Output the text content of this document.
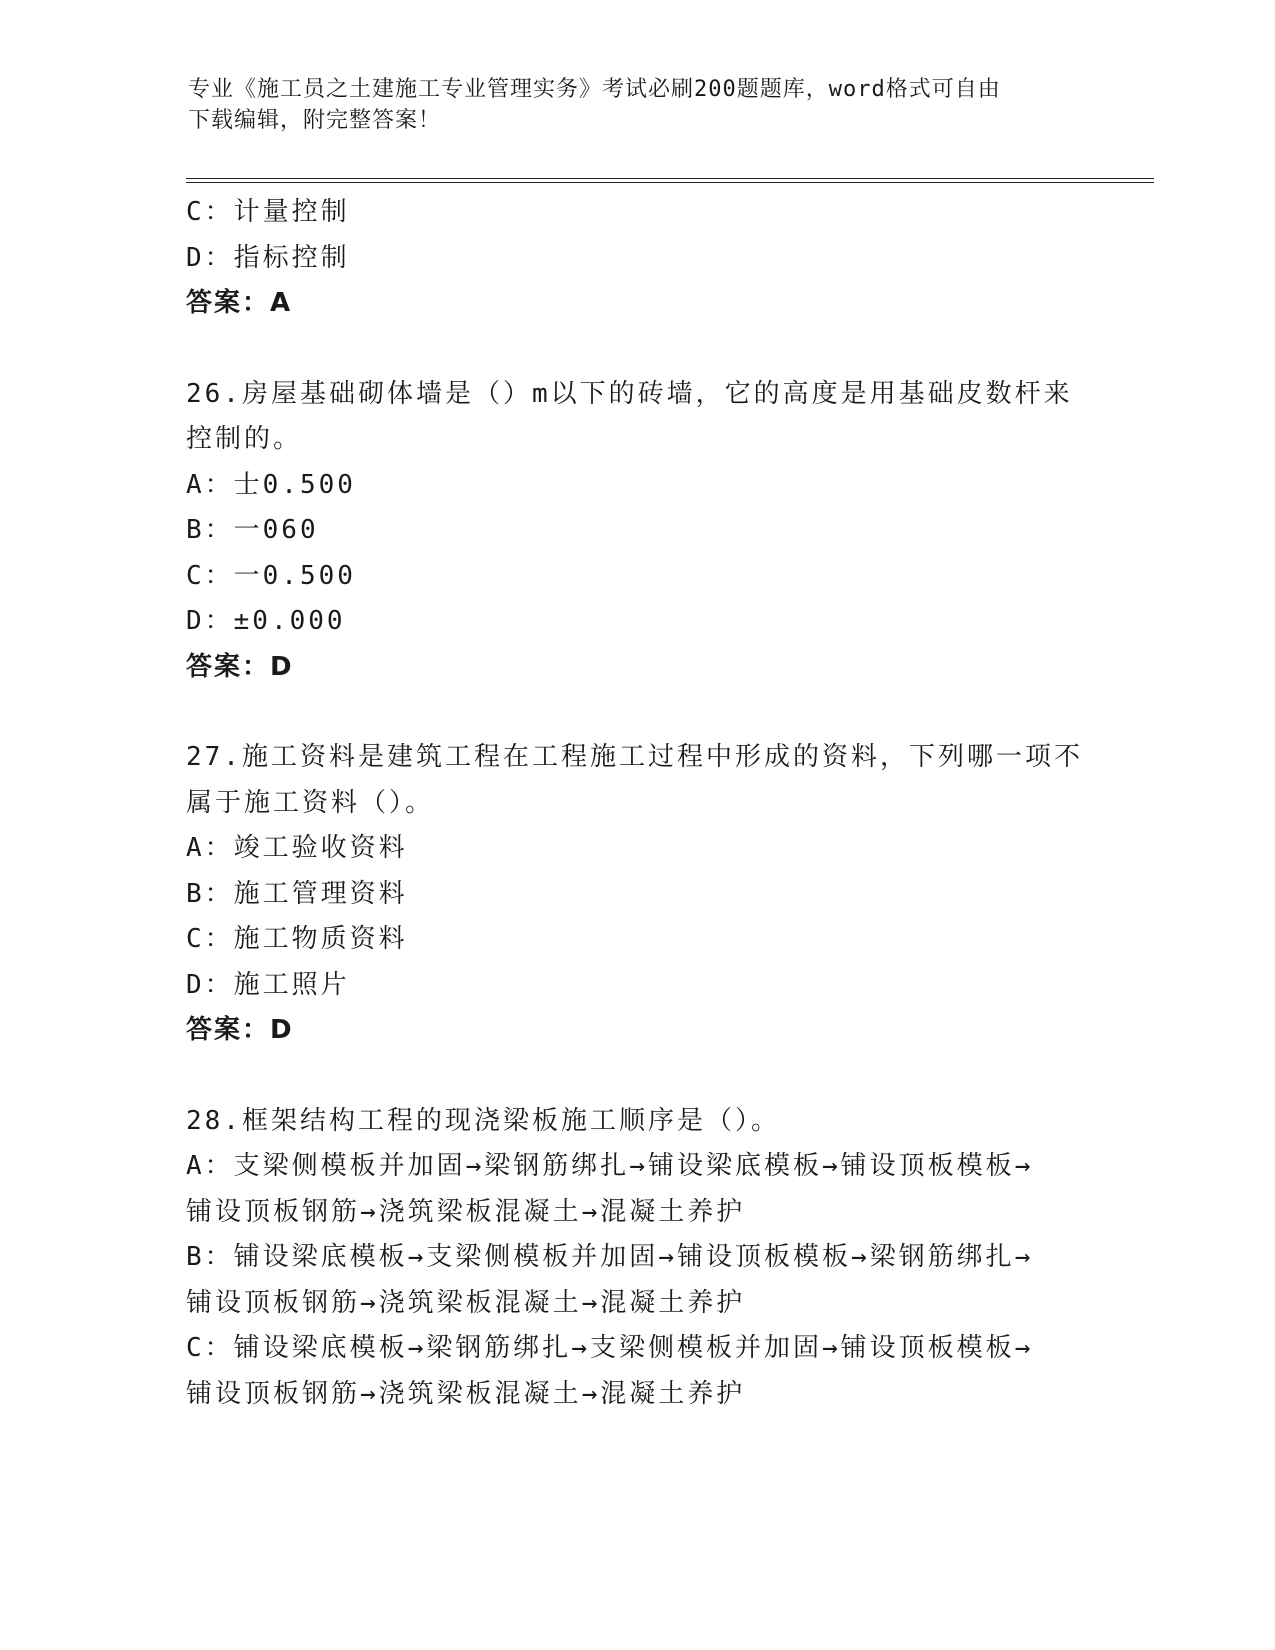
专业《施工员之土建施工专业管理实务》考试必刷200题题库，word格式可自由
下载编辑，附完整答案！

C：计量控制

D：指标控制

答案：A

26.房屋基础砌体墙是（）m以下的砖墙，它的高度是用基础皮数杆来

控制的。

A：士0.500

B：一060

C：一0.500

D：±0.000

答案：D

27.施工资料是建筑工程在工程施工过程中形成的资料，下列哪一项不

属于施工资料（）。

A：竣工验收资料

B：施工管理资料

C：施工物质资料

D：施工照片

答案：D

28.框架结构工程的现浇梁板施工顺序是（）。

A：支梁侧模板并加固→梁钢筋绑扎→铺设梁底模板→铺设顶板模板→

铺设顶板钢筋→浇筑梁板混凝土→混凝土养护

B：铺设梁底模板→支梁侧模板并加固→铺设顶板模板→梁钢筋绑扎→

铺设顶板钢筋→浇筑梁板混凝土→混凝土养护

C：铺设梁底模板→梁钢筋绑扎→支梁侧模板并加固→铺设顶板模板→

铺设顶板钢筋→浇筑梁板混凝土→混凝土养护
